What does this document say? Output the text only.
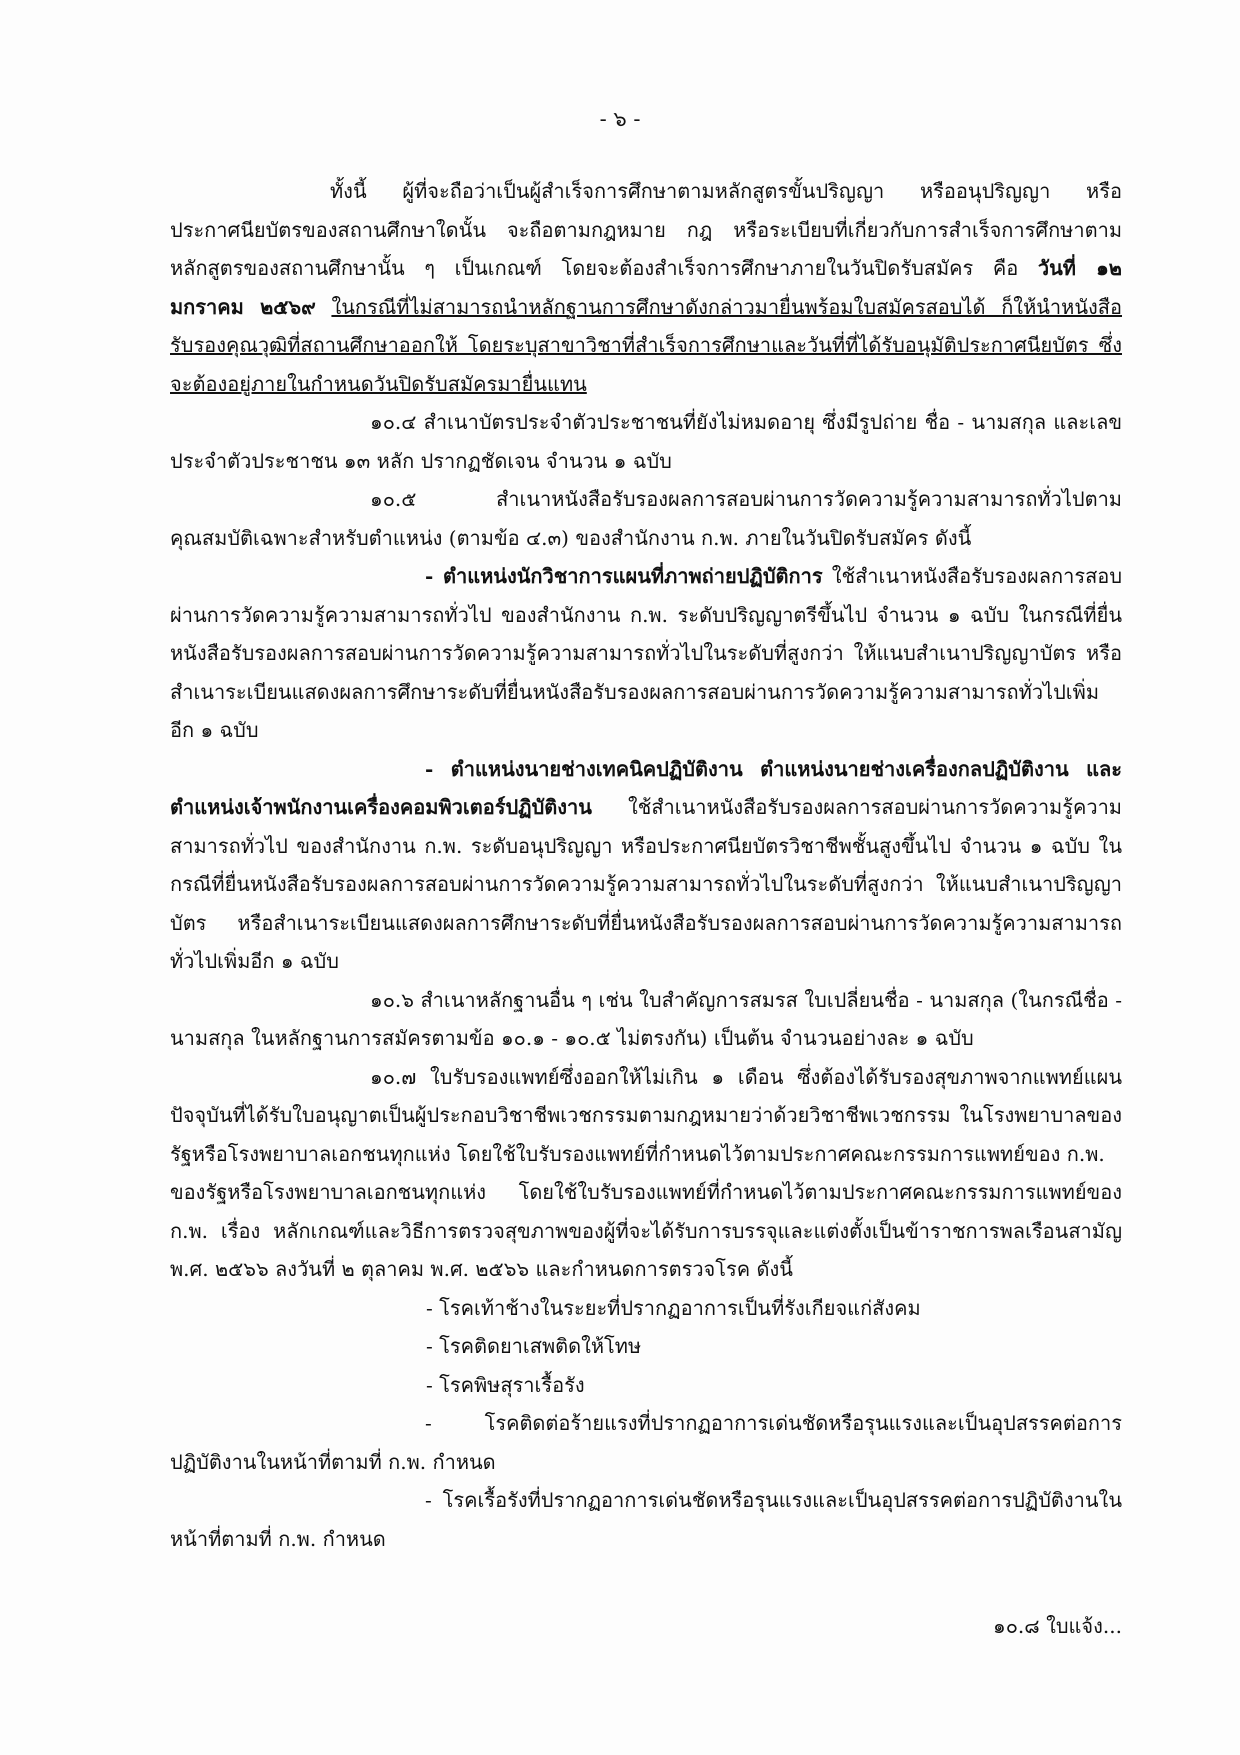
- ๖ -

ทั้งนี้ ผู้ที่จะถือว่าเป็นผู้สำเร็จการศึกษาตามหลักสูตรขั้นปริญญา หรืออนุปริญญา หรือประกาศนียบัตรของสถานศึกษาใดนั้น จะถือตามกฎหมาย กฎ หรือระเบียบที่เกี่ยวกับการสำเร็จการศึกษาตามหลักสูตรของสถานศึกษานั้น ๆ เป็นเกณฑ์ โดยจะต้องสำเร็จการศึกษาภายในวันปิดรับสมัคร คือ วันที่ ๑๒ มกราคม ๒๕๖๙ ในกรณีที่ไม่สามารถนำหลักฐานการศึกษาดังกล่าวมายื่นพร้อมใบสมัครสอบได้ ก็ให้นำหนังสือรับรองคุณวุฒิที่สถานศึกษาออกให้ โดยระบุสาขาวิชาที่สำเร็จการศึกษาและวันที่ที่ได้รับอนุมัติประกาศนียบัตร ซึ่งจะต้องอยู่ภายในกำหนดวันปิดรับสมัครมายื่นแทน

๑๐.๔ สำเนาบัตรประจำตัวประชาชนที่ยังไม่หมดอายุ ซึ่งมีรูปถ่าย ชื่อ - นามสกุล และเลขประจำตัวประชาชน ๑๓ หลัก ปรากฏชัดเจน จำนวน ๑ ฉบับ

๑๐.๕ สำเนาหนังสือรับรองผลการสอบผ่านการวัดความรู้ความสามารถทั่วไปตามคุณสมบัติเฉพาะสำหรับตำแหน่ง (ตามข้อ ๔.๓) ของสำนักงาน ก.พ. ภายในวันปิดรับสมัคร ดังนี้

- ตำแหน่งนักวิชาการแผนที่ภาพถ่ายปฏิบัติการ ใช้สำเนาหนังสือรับรองผลการสอบผ่านการวัดความรู้ความสามารถทั่วไป ของสำนักงาน ก.พ. ระดับปริญญาตรีขึ้นไป จำนวน ๑ ฉบับ ในกรณีที่ยื่นหนังสือรับรองผลการสอบผ่านการวัดความรู้ความสามารถทั่วไปในระดับที่สูงกว่า ให้แนบสำเนาปริญญาบัตร หรือสำเนาระเบียนแสดงผลการศึกษาระดับที่ยื่นหนังสือรับรองผลการสอบผ่านการวัดความรู้ความสามารถทั่วไปเพิ่มอีก ๑ ฉบับ

- ตำแหน่งนายช่างเทคนิคปฏิบัติงาน ตำแหน่งนายช่างเครื่องกลปฏิบัติงาน และตำแหน่งเจ้าพนักงานเครื่องคอมพิวเตอร์ปฏิบัติงาน ใช้สำเนาหนังสือรับรองผลการสอบผ่านการวัดความรู้ความสามารถทั่วไป ของสำนักงาน ก.พ. ระดับอนุปริญญา หรือประกาศนียบัตรวิชาชีพชั้นสูงขึ้นไป จำนวน ๑ ฉบับ ในกรณีที่ยื่นหนังสือรับรองผลการสอบผ่านการวัดความรู้ความสามารถทั่วไปในระดับที่สูงกว่า ให้แนบสำเนาปริญญาบัตร หรือสำเนาระเบียนแสดงผลการศึกษาระดับที่ยื่นหนังสือรับรองผลการสอบผ่านการวัดความรู้ความสามารถทั่วไปเพิ่มอีก ๑ ฉบับ

๑๐.๖ สำเนาหลักฐานอื่น ๆ เช่น ใบสำคัญการสมรส ใบเปลี่ยนชื่อ - นามสกุล (ในกรณีชื่อ - นามสกุล ในหลักฐานการสมัครตามข้อ ๑๐.๑ - ๑๐.๕ ไม่ตรงกัน) เป็นต้น จำนวนอย่างละ ๑ ฉบับ

๑๐.๗ ใบรับรองแพทย์ซึ่งออกให้ไม่เกิน ๑ เดือน ซึ่งต้องได้รับรองสุขภาพจากแพทย์แผนปัจจุบันที่ได้รับใบอนุญาตเป็นผู้ประกอบวิชาชีพเวชกรรมตามกฎหมายว่าด้วยวิชาชีพเวชกรรม ในโรงพยาบาลของรัฐหรือโรงพยาบาลเอกชนทุกแห่ง โดยใช้ใบรับรองแพทย์ที่กำหนดไว้ตามประกาศคณะกรรมการแพทย์ของ ก.พ.

ของรัฐหรือโรงพยาบาลเอกชนทุกแห่ง โดยใช้ใบรับรองแพทย์ที่กำหนดไว้ตามประกาศคณะกรรมการแพทย์ของ ก.พ. เรื่อง หลักเกณฑ์และวิธีการตรวจสุขภาพของผู้ที่จะได้รับการบรรจุและแต่งตั้งเป็นข้าราชการพลเรือนสามัญ พ.ศ. ๒๕๖๖ ลงวันที่ ๒ ตุลาคม พ.ศ. ๒๕๖๖ และกำหนดการตรวจโรค ดังนี้

- โรคเท้าช้างในระยะที่ปรากฏอาการเป็นที่รังเกียจแก่สังคม

- โรคติดยาเสพติดให้โทษ

- โรคพิษสุราเรื้อรัง

- โรคติดต่อร้ายแรงที่ปรากฏอาการเด่นชัดหรือรุนแรงและเป็นอุปสรรคต่อการปฏิบัติงานในหน้าที่ตามที่ ก.พ. กำหนด

- โรคเรื้อรังที่ปรากฏอาการเด่นชัดหรือรุนแรงและเป็นอุปสรรคต่อการปฏิบัติงานในหน้าที่ตามที่ ก.พ. กำหนด

๑๐.๘ ใบแจ้ง...
